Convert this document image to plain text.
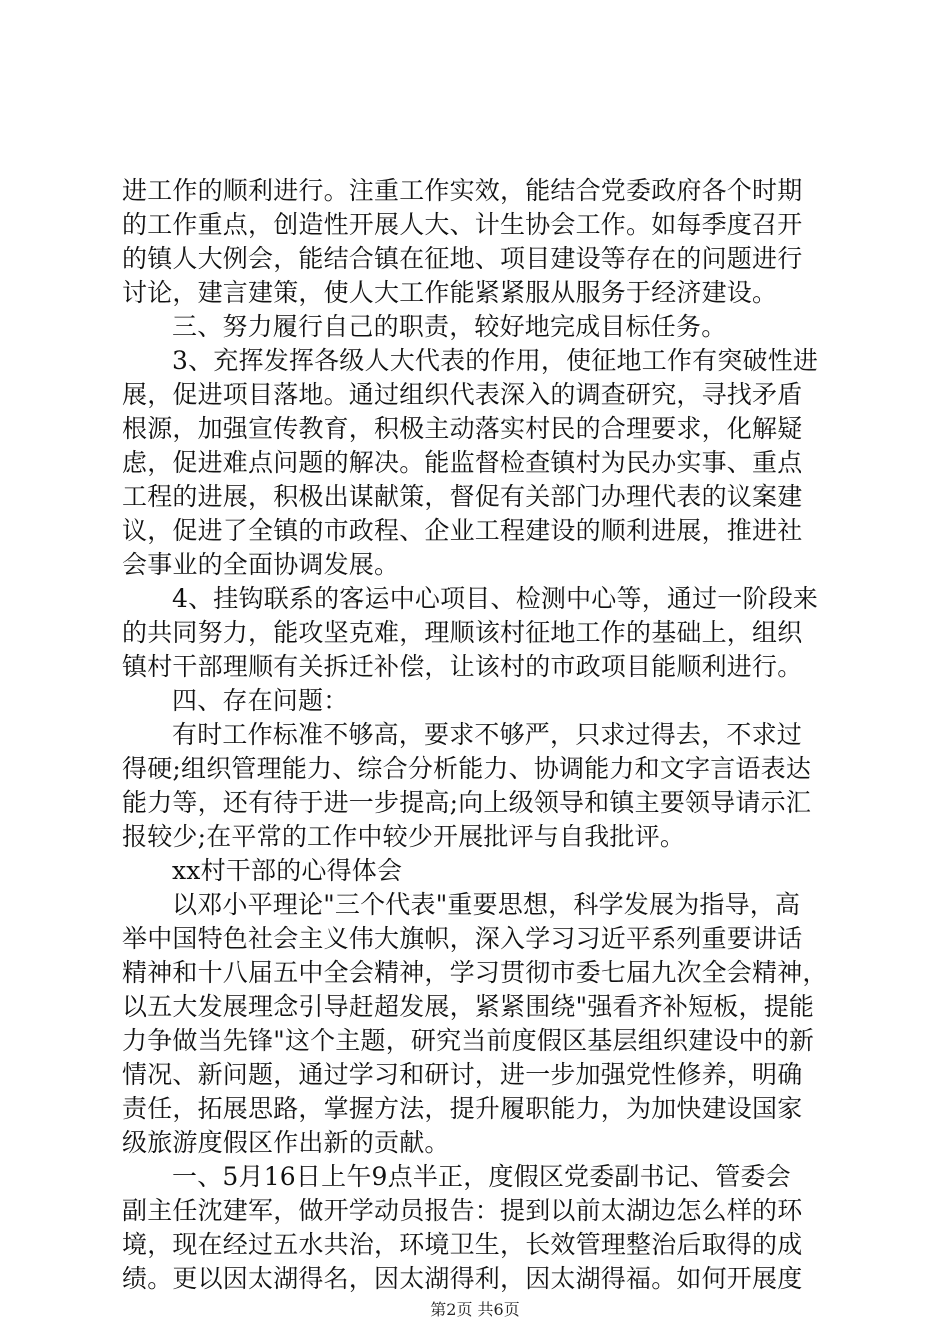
进工作的顺利进行。注重工作实效，能结合党委政府各个时期
的工作重点，创造性开展人大、计生协会工作。如每季度召开
的镇人大例会，能结合镇在征地、项目建设等存在的问题进行
讨论，建言建策，使人大工作能紧紧服从服务于经济建设。
三、努力履行自己的职责，较好地完成目标任务。
3、充挥发挥各级人大代表的作用，使征地工作有突破性进
展，促进项目落地。通过组织代表深入的调查研究，寻找矛盾
根源，加强宣传教育，积极主动落实村民的合理要求，化解疑
虑，促进难点问题的解决。能监督检查镇村为民办实事、重点
工程的进展，积极出谋献策，督促有关部门办理代表的议案建
议，促进了全镇的市政程、企业工程建设的顺利进展，推进社
会事业的全面协调发展。
4、挂钩联系的客运中心项目、检测中心等，通过一阶段来
的共同努力，能攻坚克难，理顺该村征地工作的基础上，组织
镇村干部理顺有关拆迁补偿，让该村的市政项目能顺利进行。
四、存在问题：
有时工作标准不够高，要求不够严，只求过得去，不求过
得硬;组织管理能力、综合分析能力、协调能力和文字言语表达
能力等，还有待于进一步提高;向上级领导和镇主要领导请示汇
报较少;在平常的工作中较少开展批评与自我批评。
xx村干部的心得体会
以邓小平理论"三个代表"重要思想，科学发展为指导，高
举中国特色社会主义伟大旗帜，深入学习习近平系列重要讲话
精神和十八届五中全会精神，学习贯彻市委七届九次全会精神，
以五大发展理念引导赶超发展，紧紧围绕"强看齐补短板，提能
力争做当先锋"这个主题，研究当前度假区基层组织建设中的新
情况、新问题，通过学习和研讨，进一步加强党性修养，明确
责任，拓展思路，掌握方法，提升履职能力，为加快建设国家
级旅游度假区作出新的贡献。
一、5月16日上午9点半正，度假区党委副书记、管委会
副主任沈建军，做开学动员报告：提到以前太湖边怎么样的环
境，现在经过五水共治，环境卫生，长效管理整治后取得的成
绩。更以因太湖得名，因太湖得利，因太湖得福。如何开展度
第2页 共6页
